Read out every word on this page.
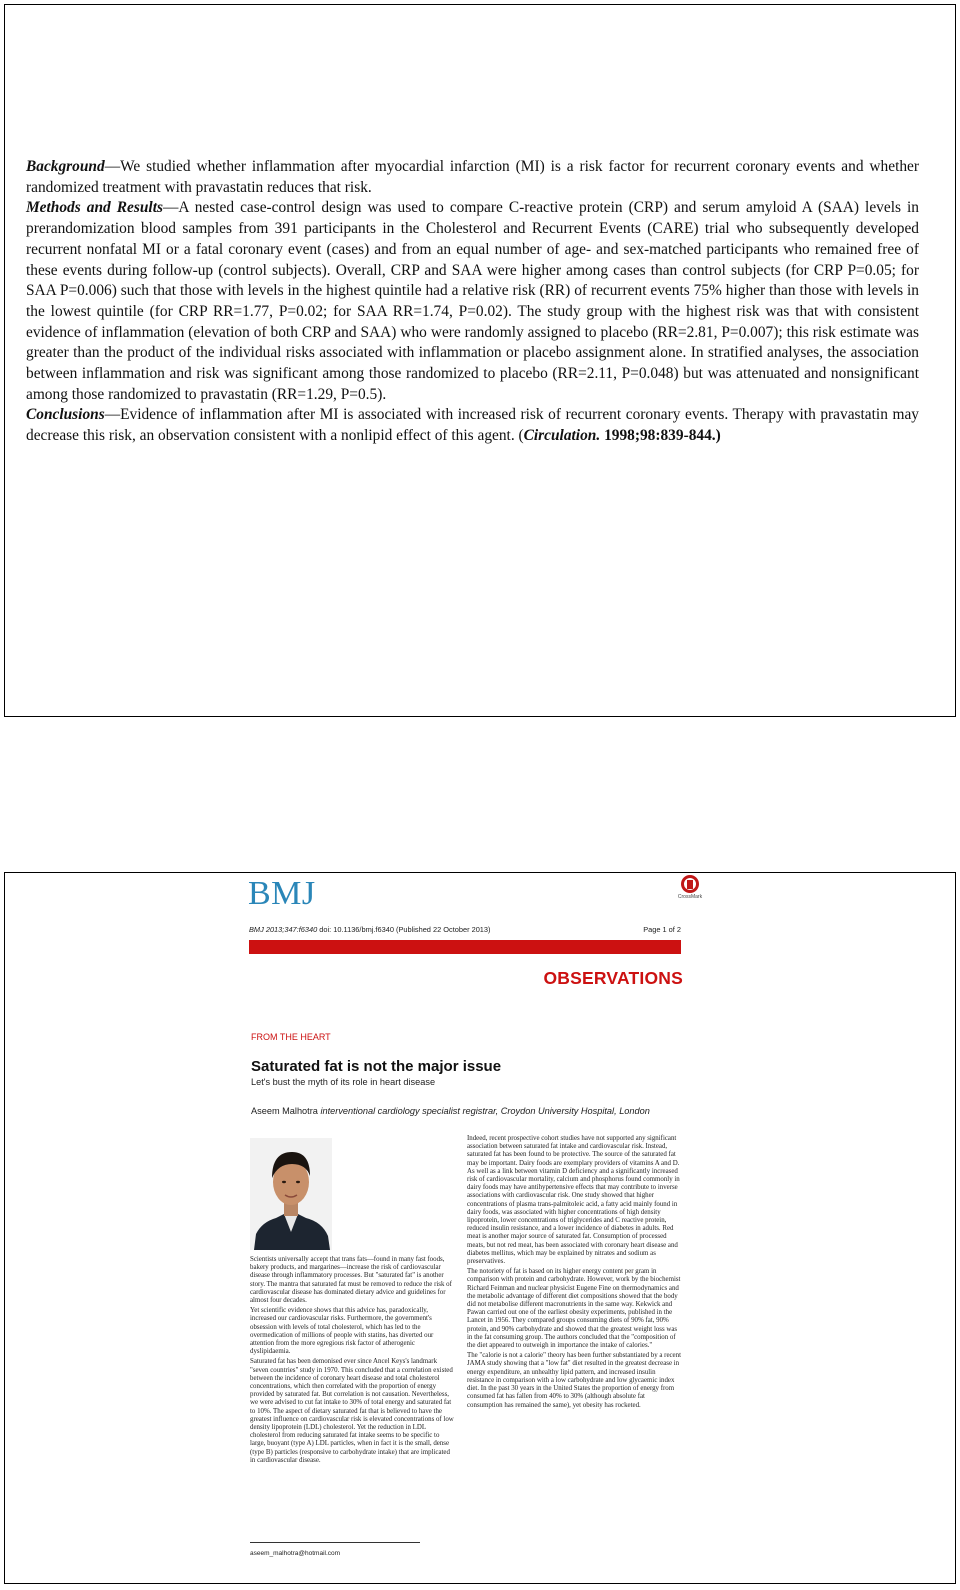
Background—We studied whether inflammation after myocardial infarction (MI) is a risk factor for recurrent coronary events and whether randomized treatment with pravastatin reduces that risk.

Methods and Results—A nested case-control design was used to compare C-reactive protein (CRP) and serum amyloid A (SAA) levels in prerandomization blood samples from 391 participants in the Cholesterol and Recurrent Events (CARE) trial who subsequently developed recurrent nonfatal MI or a fatal coronary event (cases) and from an equal number of age- and sex-matched participants who remained free of these events during follow-up (control subjects). Overall, CRP and SAA were higher among cases than control subjects (for CRP P=0.05; for SAA P=0.006) such that those with levels in the highest quintile had a relative risk (RR) of recurrent events 75% higher than those with levels in the lowest quintile (for CRP RR=1.77, P=0.02; for SAA RR=1.74, P=0.02). The study group with the highest risk was that with consistent evidence of inflammation (elevation of both CRP and SAA) who were randomly assigned to placebo (RR=2.81, P=0.007); this risk estimate was greater than the product of the individual risks associated with inflammation or placebo assignment alone. In stratified analyses, the association between inflammation and risk was significant among those randomized to placebo (RR=2.11, P=0.048) but was attenuated and nonsignificant among those randomized to pravastatin (RR=1.29, P=0.5).

Conclusions—Evidence of inflammation after MI is associated with increased risk of recurrent coronary events. Therapy with pravastatin may decrease this risk, an observation consistent with a nonlipid effect of this agent. (Circulation. 1998;98:839-844.)

BMJ	CrossMark
BMJ 2013;347:f6340 doi: 10.1136/bmj.f6340 (Published 22 October 2013)	Page 1 of 2
OBSERVATIONS
FROM THE HEART
Saturated fat is not the major issue
Let's bust the myth of its role in heart disease
Aseem Malhotra interventional cardiology specialist registrar, Croydon University Hospital, London

Scientists universally accept that trans fats—found in many fast foods, bakery products, and margarines—increase the risk of cardiovascular disease through inflammatory processes. But "saturated fat" is another story. The mantra that saturated fat must be removed to reduce the risk of cardiovascular disease has dominated dietary advice and guidelines for almost four decades.

Yet scientific evidence shows that this advice has, paradoxically, increased our cardiovascular risks. Furthermore, the government's obsession with levels of total cholesterol, which has led to the overmedication of millions of people with statins, has diverted our attention from the more egregious risk factor of atherogenic dyslipidaemia.

Saturated fat has been demonised ever since Ancel Keys's landmark "seven countries" study in 1970. This concluded that a correlation existed between the incidence of coronary heart disease and total cholesterol concentrations, which then correlated with the proportion of energy provided by saturated fat. But correlation is not causation. Nevertheless, we were advised to cut fat intake to 30% of total energy and saturated fat to 10%. The aspect of dietary saturated fat that is believed to have the greatest influence on cardiovascular risk is elevated concentrations of low density lipoprotein (LDL) cholesterol. Yet the reduction in LDL cholesterol from reducing saturated fat intake seems to be specific to large, buoyant (type A) LDL particles, when in fact it is the small, dense (type B) particles (responsive to carbohydrate intake) that are implicated in cardiovascular disease.

Indeed, recent prospective cohort studies have not supported any significant association between saturated fat intake and cardiovascular risk. Instead, saturated fat has been found to be protective. The source of the saturated fat may be important. Dairy foods are exemplary providers of vitamins A and D. As well as a link between vitamin D deficiency and a significantly increased risk of cardiovascular mortality, calcium and phosphorus found commonly in dairy foods may have antihypertensive effects that may contribute to inverse associations with cardiovascular risk. One study showed that higher concentrations of plasma trans-palmitoleic acid, a fatty acid mainly found in dairy foods, was associated with higher concentrations of high density lipoprotein, lower concentrations of triglycerides and C reactive protein, reduced insulin resistance, and a lower incidence of diabetes in adults. Red meat is another major source of saturated fat. Consumption of processed meats, but not red meat, has been associated with coronary heart disease and diabetes mellitus, which may be explained by nitrates and sodium as preservatives.

The notoriety of fat is based on its higher energy content per gram in comparison with protein and carbohydrate. However, work by the biochemist Richard Feinman and nuclear physicist Eugene Fine on thermodynamics and the metabolic advantage of different diet compositions showed that the body did not metabolise different macronutrients in the same way. Kekwick and Pawan carried out one of the earliest obesity experiments, published in the Lancet in 1956. They compared groups consuming diets of 90% fat, 90% protein, and 90% carbohydrate and showed that the greatest weight loss was in the fat consuming group. The authors concluded that the "composition of the diet appeared to outweigh in importance the intake of calories."

The "calorie is not a calorie" theory has been further substantiated by a recent JAMA study showing that a "low fat" diet resulted in the greatest decrease in energy expenditure, an unhealthy lipid pattern, and increased insulin resistance in comparison with a low carbohydrate and low glycaemic index diet. In the past 30 years in the United States the proportion of energy from consumed fat has fallen from 40% to 30% (although absolute fat consumption has remained the same), yet obesity has rocketed.

aseem_malhotra@hotmail.com
